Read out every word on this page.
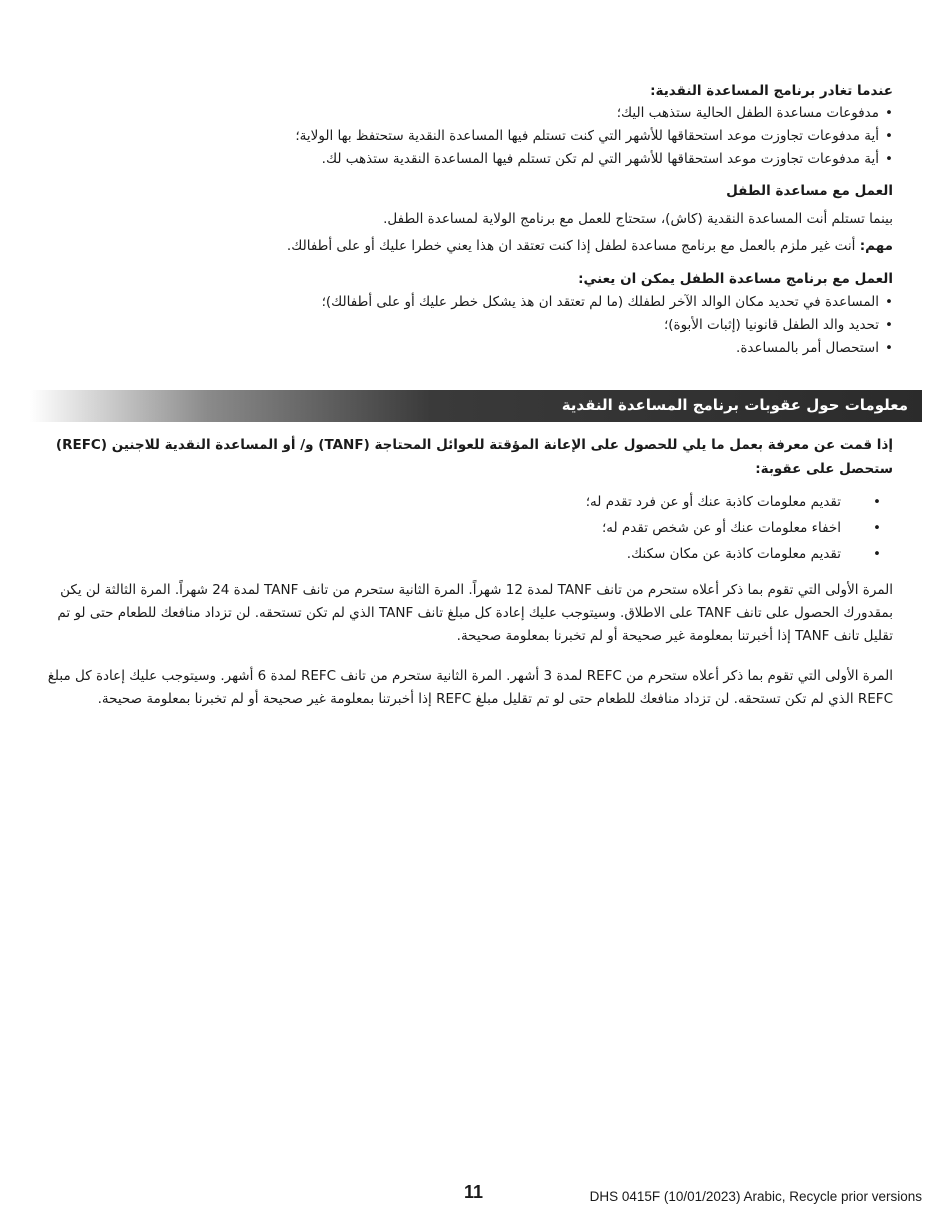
عندما تغادر برنامج المساعدة النقدية:
• مدفوعات مساعدة الطفل الحالية ستذهب اليك؛
• أية مدفوعات تجاوزت موعد استحقاقها للأشهر التي كنت تستلم فيها المساعدة النقدية ستحتفظ بها الولاية؛
• أية مدفوعات تجاوزت موعد استحقاقها للأشهر التي لم تكن تستلم فيها المساعدة النقدية ستذهب لك.
العمل مع مساعدة الطفل

بينما تستلم أنت المساعدة النقدية (كاش)، ستحتاج للعمل مع برنامج الولاية لمساعدة الطفل.

مهم: أنت غير ملزم بالعمل مع برنامج مساعدة لطفل إذا كنت تعتقد ان هذا يعني خطرا عليك أو على أطفالك.

العمل مع برنامج مساعدة الطفل يمكن ان يعني:
• المساعدة في تحديد مكان الوالد الآخر لطفلك (ما لم تعتقد ان هذ يشكل خطر عليك أو على أطفالك)؛
• تحديد والد الطفل قانونيا (إثبات الأبوة)؛
• استحصال أمر بالمساعدة.
معلومات حول عقوبات برنامج المساعدة النقدية

إذا قمت عن معرفة بعمل ما يلي للحصول على الإعانة المؤقتة للعوائل المحتاجة (TANF) و/ أو المساعدة النقدية للاجنين (REFC) ستحصل على عقوبة:

• تقديم معلومات كاذبة عنك أو عن فرد تقدم له؛
• اخفاء معلومات عنك أو عن شخص تقدم له؛
• تقديم معلومات كاذبة عن مكان سكنك.

المرة الأولى التي تقوم بما ذكر أعلاه ستحرم من تانف TANF لمدة 12 شهراً. المرة الثانية ستحرم من تانف TANF لمدة 24 شهراً. المرة الثالثة لن يكن بمقدورك الحصول على تانف TANF على الاطلاق. وسيتوجب عليك إعادة كل مبلغ تانف TANF الذي لم تكن تستحقه. لن تزداد منافعك للطعام حتى لو تم تقليل تانف TANF إذا أخبرتنا بمعلومة غير صحيحة أو لم تخبرنا بمعلومة صحيحة.

المرة الأولى التي تقوم بما ذكر أعلاه ستحرم من REFC لمدة 3 أشهر. المرة الثانية ستحرم من تانف REFC لمدة 6 أشهر. وسيتوجب عليك إعادة كل مبلغ REFC الذي لم تكن تستحقه. لن تزداد منافعك للطعام حتى لو تم تقليل مبلغ REFC إذا أخبرتنا بمعلومة غير صحيحة أو لم تخبرنا بمعلومة صحيحة.

11	DHS 0415F (10/01/2023) Arabic, Recycle prior versions
